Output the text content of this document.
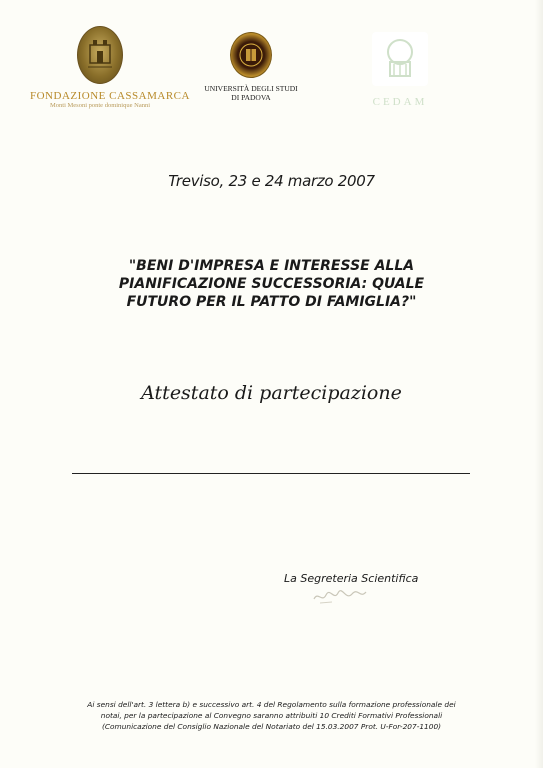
FONDAZIONE CASSAMARCA
Monti Mesoni ponte dominique Nanni
UNIVERSITÀ DEGLI STUDI
DI PADOVA	CEDAM
Treviso, 23 e 24 marzo 2007
"BENI D'IMPRESA E INTERESSE ALLA
PIANIFICAZIONE SUCCESSORIA: QUALE
FUTURO PER IL PATTO DI FAMIGLIA?"
Attestato di partecipazione
La Segreteria Scientifica
Ai sensi dell'art. 3 lettera b) e successivo art. 4 del Regolamento sulla formazione professionale dei
notai, per la partecipazione al Convegno saranno attribuiti 10 Crediti Formativi Professionali
(Comunicazione del Consiglio Nazionale del Notariato del 15.03.2007 Prot. U-For-207-1100)
